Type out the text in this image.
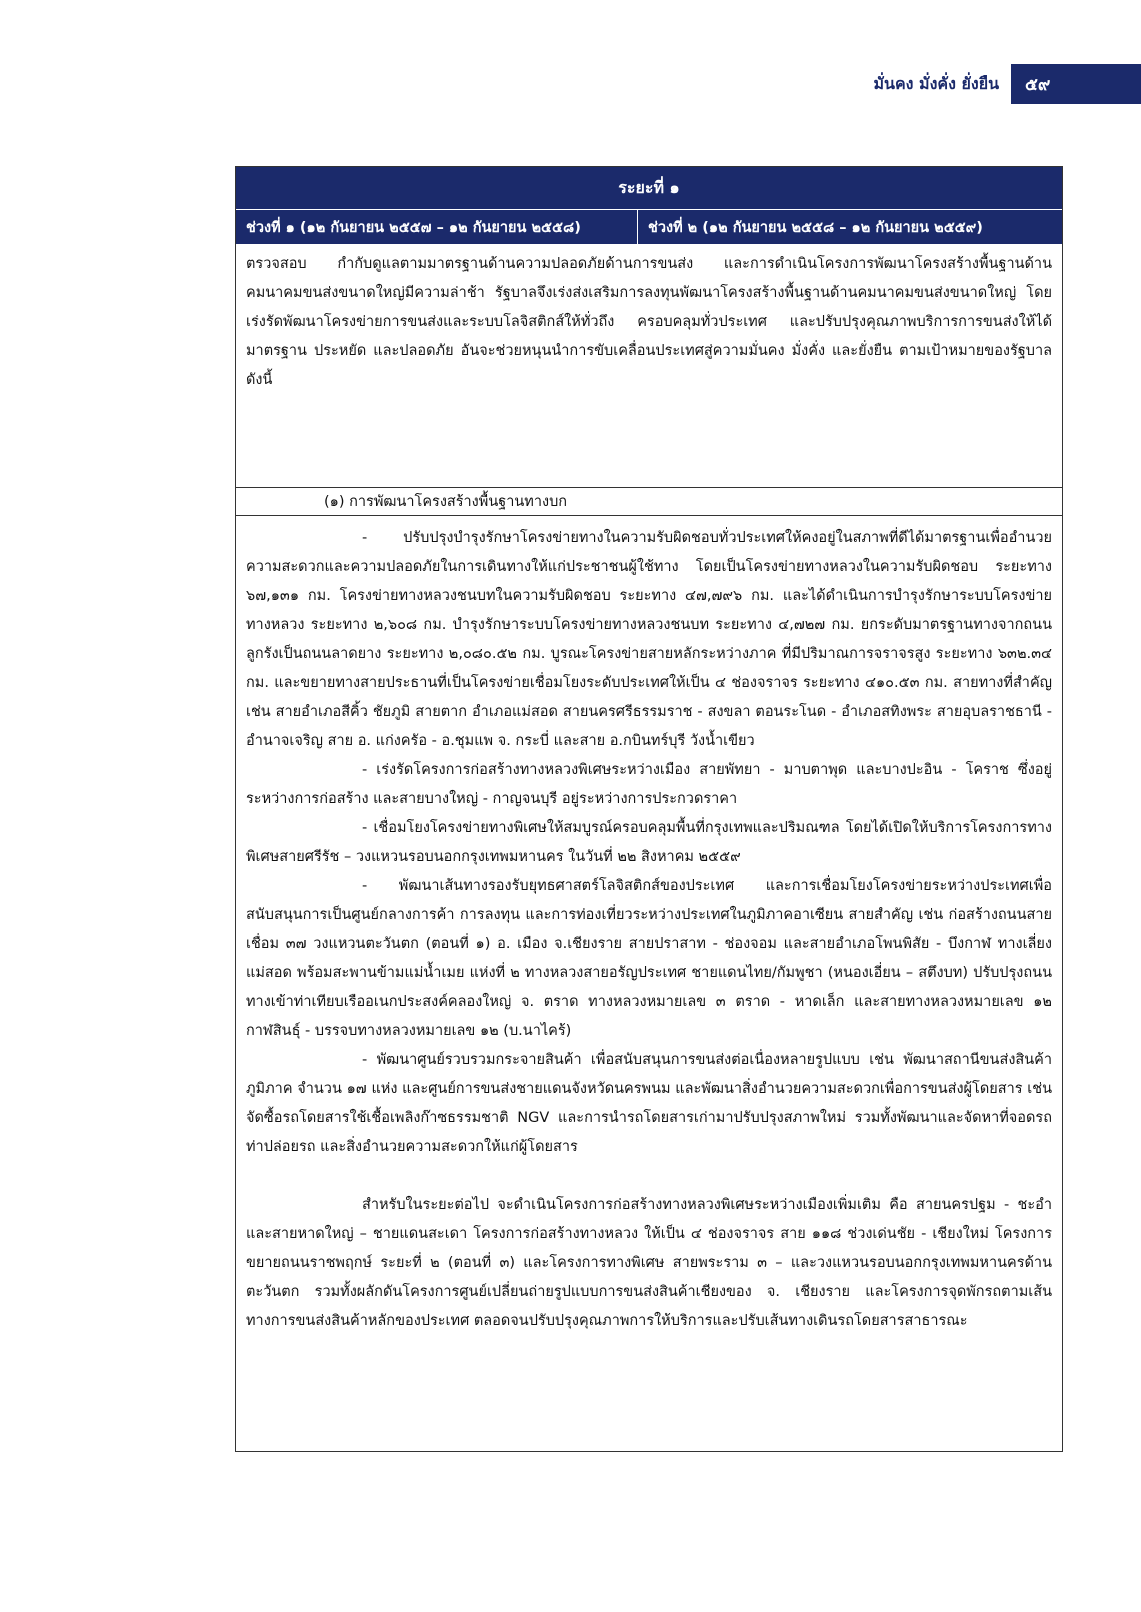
มั่นคง มั่งคั่ง ยั่งยืน	๕๙
ระยะที่ ๑
ช่วงที่ ๑ (๑๒ กันยายน ๒๕๕๗ – ๑๒ กันยายน ๒๕๕๘)	ช่วงที่ ๒ (๑๒ กันยายน ๒๕๕๘ – ๑๒ กันยายน ๒๕๕๙)
ตรวจสอบ กำกับดูแลตามมาตรฐานด้านความปลอดภัยด้านการขนส่ง และการดำเนินโครงการพัฒนาโครงสร้างพื้นฐานด้านคมนาคมขนส่งขนาดใหญ่มีความล่าช้า รัฐบาลจึงเร่งส่งเสริมการลงทุนพัฒนาโครงสร้างพื้นฐานด้านคมนาคมขนส่งขนาดใหญ่ โดยเร่งรัดพัฒนาโครงข่ายการขนส่งและระบบโลจิสติกส์ให้ทั่วถึง ครอบคลุมทั่วประเทศ และปรับปรุงคุณภาพบริการการขนส่งให้ได้มาตรฐาน ประหยัด และปลอดภัย อันจะช่วยหนุนนำการขับเคลื่อนประเทศสู่ความมั่นคง มั่งคั่ง และยั่งยืน ตามเป้าหมายของรัฐบาล ดังนี้
(๑) การพัฒนาโครงสร้างพื้นฐานทางบก

- ปรับปรุงบำรุงรักษาโครงข่ายทางในความรับผิดชอบทั่วประเทศให้คงอยู่ในสภาพที่ดีได้มาตรฐานเพื่ออำนวยความสะดวกและความปลอดภัยในการเดินทางให้แก่ประชาชนผู้ใช้ทาง โดยเป็นโครงข่ายทางหลวงในความรับผิดชอบ ระยะทาง ๖๗,๑๓๑ กม. โครงข่ายทางหลวงชนบทในความรับผิดชอบ ระยะทาง ๔๗,๗๙๖ กม. และได้ดำเนินการบำรุงรักษาระบบโครงข่ายทางหลวง ระยะทาง ๒,๖๐๘ กม. บำรุงรักษาระบบโครงข่ายทางหลวงชนบท ระยะทาง ๔,๗๒๗ กม. ยกระดับมาตรฐานทางจากถนนลูกรังเป็นถนนลาดยาง ระยะทาง ๒,๐๘๐.๕๒ กม. บูรณะโครงข่ายสายหลักระหว่างภาค ที่มีปริมาณการจราจรสูง ระยะทาง ๖๓๒.๓๔ กม. และขยายทางสายประธานที่เป็นโครงข่ายเชื่อมโยงระดับประเทศให้เป็น ๔ ช่องจราจร ระยะทาง ๔๑๐.๕๓ กม. สายทางที่สำคัญ เช่น สายอำเภอสีคิ้ว ชัยภูมิ สายตาก อำเภอแม่สอด สายนครศรีธรรมราช - สงขลา ตอนระโนด - อำเภอสทิงพระ สายอุบลราชธานี - อำนาจเจริญ สาย อ. แก่งครัอ - อ.ชุมแพ จ. กระบี่ และสาย อ.กบินทร์บุรี วังน้ำเขียว

- เร่งรัดโครงการก่อสร้างทางหลวงพิเศษระหว่างเมือง สายพัทยา - มาบตาพุด และบางปะอิน - โคราช ซึ่งอยู่ระหว่างการก่อสร้าง และสายบางใหญ่ - กาญจนบุรี อยู่ระหว่างการประกวดราคา

- เชื่อมโยงโครงข่ายทางพิเศษให้สมบูรณ์ครอบคลุมพื้นที่กรุงเทพและปริมณฑล โดยได้เปิดให้บริการโครงการทางพิเศษสายศรีรัช – วงแหวนรอบนอกกรุงเทพมหานคร ในวันที่ ๒๒ สิงหาคม ๒๕๕๙

- พัฒนาเส้นทางรองรับยุทธศาสตร์โลจิสติกส์ของประเทศ และการเชื่อมโยงโครงข่ายระหว่างประเทศเพื่อสนับสนุนการเป็นศูนย์กลางการค้า การลงทุน และการท่องเที่ยวระหว่างประเทศในภูมิภาคอาเซียน สายสำคัญ เช่น ก่อสร้างถนนสายเชื่อม ๓๗ วงแหวนตะวันตก (ตอนที่ ๑) อ. เมือง จ.เชียงราย สายปราสาท - ช่องจอม และสายอำเภอโพนพิสัย - บึงกาฬ ทางเลี่ยงแม่สอด พร้อมสะพานข้ามแม่น้ำเมย แห่งที่ ๒ ทางหลวงสายอรัญประเทศ ชายแดนไทย/กัมพูชา (หนองเอี่ยน – สตึงบท) ปรับปรุงถนนทางเข้าท่าเทียบเรืออเนกประสงค์คลองใหญ่ จ. ตราด ทางหลวงหมายเลข ๓ ตราด - หาดเล็ก และสายทางหลวงหมายเลข ๑๒ กาฬสินธุ์ - บรรจบทางหลวงหมายเลข ๑๒ (บ.นาไคร้)

- พัฒนาศูนย์รวบรวมกระจายสินค้า เพื่อสนับสนุนการขนส่งต่อเนื่องหลายรูปแบบ เช่น พัฒนาสถานีขนส่งสินค้าภูมิภาค จำนวน ๑๗ แห่ง และศูนย์การขนส่งชายแดนจังหวัดนครพนม และพัฒนาสิ่งอำนวยความสะดวกเพื่อการขนส่งผู้โดยสาร เช่น จัดซื้อรถโดยสารใช้เชื้อเพลิงก๊าซธรรมชาติ NGV และการนำรถโดยสารเก่ามาปรับปรุงสภาพใหม่ รวมทั้งพัฒนาและจัดหาที่จอดรถ ท่าปล่อยรถ และสิ่งอำนวยความสะดวกให้แก่ผู้โดยสาร

สำหรับในระยะต่อไป จะดำเนินโครงการก่อสร้างทางหลวงพิเศษระหว่างเมืองเพิ่มเติม คือ สายนครปฐม - ชะอำ และสายหาดใหญ่ – ชายแดนสะเดา โครงการก่อสร้างทางหลวง ให้เป็น ๔ ช่องจราจร สาย ๑๑๘ ช่วงเด่นชัย - เชียงใหม่ โครงการขยายถนนราชพฤกษ์ ระยะที่ ๒ (ตอนที่ ๓) และโครงการทางพิเศษ สายพระราม ๓ – และวงแหวนรอบนอกกรุงเทพมหานครด้านตะวันตก รวมทั้งผลักดันโครงการศูนย์เปลี่ยนถ่ายรูปแบบการขนส่งสินค้าเชียงของ จ. เชียงราย และโครงการจุดพักรถตามเส้นทางการขนส่งสินค้าหลักของประเทศ ตลอดจนปรับปรุงคุณภาพการให้บริการและปรับเส้นทางเดินรถโดยสารสาธารณะ
